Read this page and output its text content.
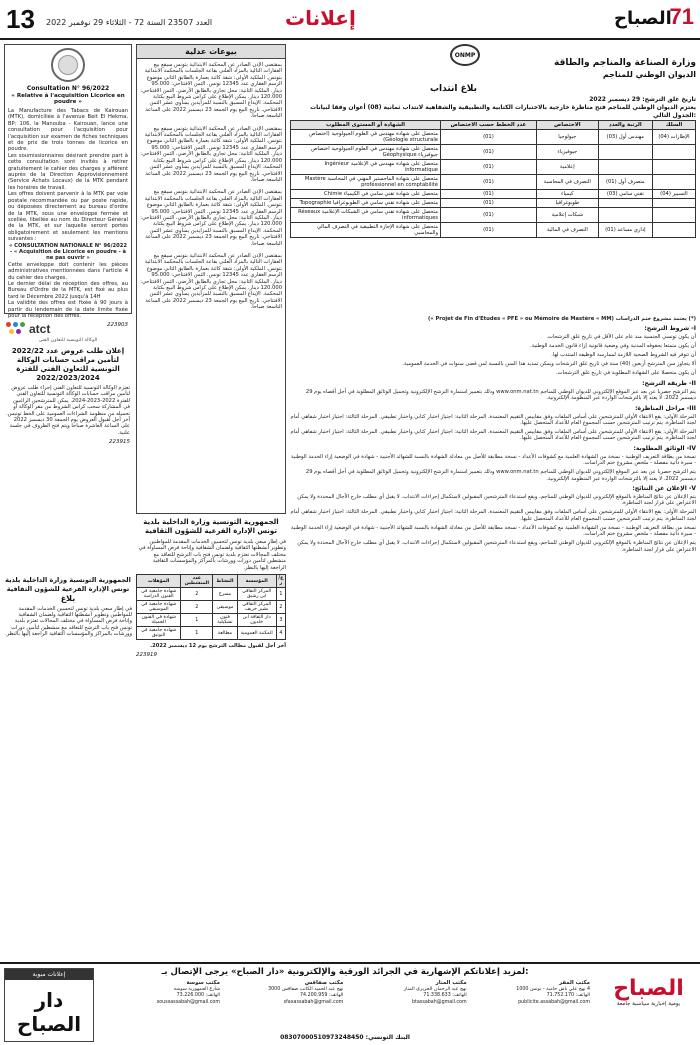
13 العدد 23507 السنة 72 - الثلاثاء 29 نوفمبر 2022	إعلانات	الصباح
71
Consultation N° 96/2022
« Relative à l'acquisition Licorice en poudre »

La Manufacture des Tabacs de Kairouan (MTK), domiciliée à l'avenue Beit El Hekma, BP: 106, la Manouba - Kairouan, lance une consultation pour l'acquisition pour l'acquisition sur examen de fiches techniques et de prix de trois tonnes de licorice en poudre.

Les soumissionnaires désirant prendre part à cette consultation sont invités à retirer gratuitement le cahier des charges y afférent auprès de la Direction Approvisionnement (Service Achats Locaux) de la MTK pendant les horaires de travail.

Les offres doivent parvenir à la MTK par voie postale recommandée ou par poste rapide, ou déposées directement au bureau d'ordre de la MTK, sous une enveloppe fermée et scellée, libellée au nom du Directeur Général de la MTK, et sur laquelle seront portés obligatoirement et seulement les mentions suivantes :

« CONSULTATION NATIONALE N° 96/2022 - « Acquisition de Licorice en poudre - à ne pas ouvrir »

Cette enveloppe doit contenir les pièces administratives mentionnées dans l'article 4 du cahier des charges.

Le dernier délai de réception des offres, au Bureau d'Ordre de la MTK, est fixé au plus tard le Décembre 2022 jusqu'à 14H

La validité des offres est fixée à 90 jours à partir du lendemain de la date limite fixée pour la réception des offres.

223903
atct
الوكالة التونسية للتعاون الفني
إعلان طلب عروض عدد 2022/22 لتأمين مراقب حسابات الوكالة التونسية للتعاون الفني للفترة 2022/2023/2024

تعتزم الوكالة التونسية للتعاون الفني إجراء طلب عروض لتأمين مراقب حسابات الوكالة التونسية للتعاون الفني للفترة 2022-2023-2024. يمكن للمترشحين الراغبين في المشاركة سحب كراس الشروط من مقر الوكالة أو تحميله من منظومة الشراءات العمومية على الخط تونبس. آخر أجل لقبول العروض يوم الجمعة 30 ديسمبر 2022 على الساعة العاشرة صباحا ويتم فتح الظروف في جلسة علنية.

223915
الجمهورية التونسية وزارة الداخلية بلدية تونس الإدارة الفرعية للشؤون الثقافية
بلاغ

في إطار سعي بلدية تونس لتحسين الخدمات المقدمة للمواطنين وتطوير أنشطتها الثقافية ولضمان الشفافية وإتاحة فرص المساواة في مختلف المجالات تعتزم بلدية تونس فتح باب الترشح للتعاقد مع منشطين لتأمين دورات وورشات بالمراكز والمؤسسات الثقافية الراجعة إليها بالنظر.

بيوعات عدلية

بمقتضى الإذن الصادر عن المحكمة الابتدائية بتونس سيقع بيع العقارات التالية بالمزاد العلني بقاعة الجلسات بالمحكمة الابتدائية بتونس. الملكية الأولى: شقة كائنة بعمارة بالطابق الثاني موضوع الرسم العقاري عدد 12345 تونس. الثمن الافتتاحي: 95.000 دينار. الملكية الثانية: محل تجاري بالطابق الأرضي. الثمن الافتتاحي: 120.000 دينار. يمكن الإطلاع على كراس شروط البيع بكتابة المحكمة. الإيداع المسبق بالنسبة للمزايدين يساوي عشر الثمن الافتتاحي. تاريخ البيع يوم الجمعة 23 ديسمبر 2022 على الساعة التاسعة صباحا.

بمقتضى الإذن الصادر عن المحكمة الابتدائية بتونس سيقع بيع العقارات التالية بالمزاد العلني بقاعة الجلسات بالمحكمة الابتدائية بتونس. الملكية الأولى: شقة كائنة بعمارة بالطابق الثاني موضوع الرسم العقاري عدد 12345 تونس. الثمن الافتتاحي: 95.000 دينار. الملكية الثانية: محل تجاري بالطابق الأرضي. الثمن الافتتاحي: 120.000 دينار. يمكن الإطلاع على كراس شروط البيع بكتابة المحكمة. الإيداع المسبق بالنسبة للمزايدين يساوي عشر الثمن الافتتاحي. تاريخ البيع يوم الجمعة 23 ديسمبر 2022 على الساعة التاسعة صباحا.

بمقتضى الإذن الصادر عن المحكمة الابتدائية بتونس سيقع بيع العقارات التالية بالمزاد العلني بقاعة الجلسات بالمحكمة الابتدائية بتونس. الملكية الأولى: شقة كائنة بعمارة بالطابق الثاني موضوع الرسم العقاري عدد 12345 تونس. الثمن الافتتاحي: 95.000 دينار. الملكية الثانية: محل تجاري بالطابق الأرضي. الثمن الافتتاحي: 120.000 دينار. يمكن الإطلاع على كراس شروط البيع بكتابة المحكمة. الإيداع المسبق بالنسبة للمزايدين يساوي عشر الثمن الافتتاحي. تاريخ البيع يوم الجمعة 23 ديسمبر 2022 على الساعة التاسعة صباحا.

بمقتضى الإذن الصادر عن المحكمة الابتدائية بتونس سيقع بيع العقارات التالية بالمزاد العلني بقاعة الجلسات بالمحكمة الابتدائية بتونس. الملكية الأولى: شقة كائنة بعمارة بالطابق الثاني موضوع الرسم العقاري عدد 12345 تونس. الثمن الافتتاحي: 95.000 دينار. الملكية الثانية: محل تجاري بالطابق الأرضي. الثمن الافتتاحي: 120.000 دينار. يمكن الإطلاع على كراس شروط البيع بكتابة المحكمة. الإيداع المسبق بالنسبة للمزايدين يساوي عشر الثمن الافتتاحي. تاريخ البيع يوم الجمعة 23 ديسمبر 2022 على الساعة التاسعة صباحا.

الجمهورية التونسية وزارة الداخلية بلدية تونس الإدارة الفرعية للشؤون الثقافية

في إطار سعي بلدية تونس لتحسين الخدمات المقدمة للمواطنين وتطوير أنشطتها الثقافية ولضمان الشفافية وإتاحة فرص المساواة في مختلف المجالات تعتزم بلدية تونس فتح باب الترشح للتعاقد مع منشطين لتأمين دورات وورشات بالمراكز والمؤسسات الثقافية الراجعة إليها بالنظر.

ع/ر	المؤسسة	النشاط	عدد المنشطين	المؤهلات
1	المركز الثقافي ابن رشيق	مسرح	2	شهادة جامعية في الفنون الدرامية
2	المركز الثقافي بشير خريف	موسيقى	2	شهادة جامعية في الموسيقى
3	دار الثقافة ابن خلدون	فنون تشكيلية	1	شهادة في الفنون الجميلة
4	المكتبة العمومية	مطالعة	1	شهادة جامعية في التوثيق

آخر أجل لقبول مطالب الترشح يوم 12 ديسمبر 2022.

223919
ONMP
وزارة الصناعة والمناجم والطاقة
الديوان الوطني للمناجم
بلاغ انتداب
تاريخ غلق الترشح: 29 ديسمبر 2022
يعتزم الديوان الوطني للمناجم فتح مناظرة خارجية بالاختبارات الكتابية والتطبيقية والشفاهية لانتداب ثمانية (08) أعوان وفقا لبيانات الجدول التالي:
السلك	الرتبة والعدد	الاختصاص	عدد الخطط حسب الاختصاص	الشهادة أو المستوى المطلوب
الإطارات (04)	مهندس أول (03)	جيولوجيا	(01)	متحصل على شهادة مهندس في العلوم الجيولوجية (اختصاص Géologie structurale)
		جيوفيزياء	(01)	متحصل على شهادة مهندس في العلوم الجيولوجية اختصاص جيوفيزياء Géophysique
		إعلامية	(01)	متحصل على شهادة مهندس في الإعلامية Ingénieur informatique
	متصرف أول (01)	التصرف في المحاسبة	(01)	متحصل على شهادة الماجستير المهني في المحاسبة Mastère professionnel en comptabilité
التسيير (04)	تقني سامي (03)	كيمياء	(01)	متحصل على شهادة تقني سامي في الكيمياء Chimie
		طوبوغرافيا	(01)	متحصل على شهادة تقني سامي في الطوبوغرافيا Topographie
		شبكات إعلامية	(01)	متحصل على شهادة تقني سامي في الشبكات الإعلامية Réseaux informatiques
	إداري مساعد (01)	التصرف في المالية	(01)	متحصل على شهادة الإجازة التطبيقية في التصرف المالي والمحاسبي

(*) يعتمد مشروع ختم الدراسات (Projet de Fin d'Etudes « PFE » ou Mémoire de Mastère « MM »)

I- شروط الترشح:

أن يكون تونسي الجنسية منذ عام على الأقل في تاريخ غلق الترشحات.

أن يكون متمتعا بحقوقه المدنية وفي وضعية قانونية إزاء قانون الخدمة الوطنية.

أن تتوفر فيه الشروط الصحية اللازمة لممارسة الوظيفة المنتدب لها.

ألا يتجاوز سن المترشح أربعين (40) سنة في تاريخ غلق الترشحات ويمكن تمديد هذا السن بالنسبة لمن قضى سنوات في الخدمة العمومية.

أن يكون متحصلا على الشهادة المطلوبة في تاريخ غلق الترشحات.

II- طريقة الترشح:

يتم الترشح حصريا عن بعد عبر الموقع الإلكتروني للديوان الوطني للمناجم www.onm.nat.tn وذلك بتعمير استمارة الترشح الإلكترونية وتحميل الوثائق المطلوبة في أجل أقصاه يوم 29 ديسمبر 2022. لا يعتد إلا بالترشحات الواردة عبر المنظومة الإلكترونية.

III- مراحل المناظرة:

المرحلة الأولى: يقع الانتقاء الأولي للمترشحين على أساس الملفات وفق مقاييس التقييم المعتمدة. المرحلة الثانية: اجتياز اختبار كتابي واختبار تطبيقي. المرحلة الثالثة: اجتياز اختبار شفاهي أمام لجنة المناظرة. يتم ترتيب المترشحين حسب المجموع العام للأعداد المتحصل عليها.

المرحلة الأولى: يقع الانتقاء الأولي للمترشحين على أساس الملفات وفق مقاييس التقييم المعتمدة. المرحلة الثانية: اجتياز اختبار كتابي واختبار تطبيقي. المرحلة الثالثة: اجتياز اختبار شفاهي أمام لجنة المناظرة. يتم ترتيب المترشحين حسب المجموع العام للأعداد المتحصل عليها.

IV- الوثائق المطلوبة:

نسخة من بطاقة التعريف الوطنية - نسخة من الشهادة العلمية مع كشوفات الأعداد - نسخة مطابقة للأصل من معادلة الشهادة بالنسبة للشهائد الأجنبية - شهادة في الوضعية إزاء الخدمة الوطنية - سيرة ذاتية مفصلة - ملخص مشروع ختم الدراسات.

يتم الترشح حصريا عن بعد عبر الموقع الإلكتروني للديوان الوطني للمناجم www.onm.nat.tn وذلك بتعمير استمارة الترشح الإلكترونية وتحميل الوثائق المطلوبة في أجل أقصاه يوم 29 ديسمبر 2022. لا يعتد إلا بالترشحات الواردة عبر المنظومة الإلكترونية.

V- الإعلان عن النتائج:

يتم الإعلان عن نتائج المناظرة بالموقع الإلكتروني للديوان الوطني للمناجم، ويقع استدعاء المترشحين المقبولين لاستكمال إجراءات الانتداب. لا يقبل أي مطلب خارج الآجال المحددة ولا يمكن الاعتراض على قرار لجنة المناظرة.

المرحلة الأولى: يقع الانتقاء الأولي للمترشحين على أساس الملفات وفق مقاييس التقييم المعتمدة. المرحلة الثانية: اجتياز اختبار كتابي واختبار تطبيقي. المرحلة الثالثة: اجتياز اختبار شفاهي أمام لجنة المناظرة. يتم ترتيب المترشحين حسب المجموع العام للأعداد المتحصل عليها.

نسخة من بطاقة التعريف الوطنية - نسخة من الشهادة العلمية مع كشوفات الأعداد - نسخة مطابقة للأصل من معادلة الشهادة بالنسبة للشهائد الأجنبية - شهادة في الوضعية إزاء الخدمة الوطنية - سيرة ذاتية مفصلة - ملخص مشروع ختم الدراسات.

يتم الإعلان عن نتائج المناظرة بالموقع الإلكتروني للديوان الوطني للمناجم، ويقع استدعاء المترشحين المقبولين لاستكمال إجراءات الانتداب. لا يقبل أي مطلب خارج الآجال المحددة ولا يمكن الاعتراض على قرار لجنة المناظرة.

إعلانات مبوبة
دار الصباح
لمزيد إعلاناتكم الإشهارية في الجرائد الورقية والإلكترونية «دار الصباح» يرجى الإتصال بـ:
مكتب المقر
4 نهج علي باش حامبة - تونس 1000
الهاتف: 71.752.170
publicite.assabah@gmail.com
مكتب المنار
نهج عبد الرحمان الجزيري المنار
الهاتف: 71.338.633
btassabah@gmail.com
مكتب صفاقس
نهج عبد الحميد الكاتب صفاقس 3000
الهاتف: 74.200.959
sfaxassabah@gmail.com
مكتب سوسة
شارع الجمهورية سوسة
الهاتف: 73.226.000
soussassabah@gmail.com
البنك التونسي: 08307000510973248450
الصباح
يومية إخبارية سياسية جامعة
